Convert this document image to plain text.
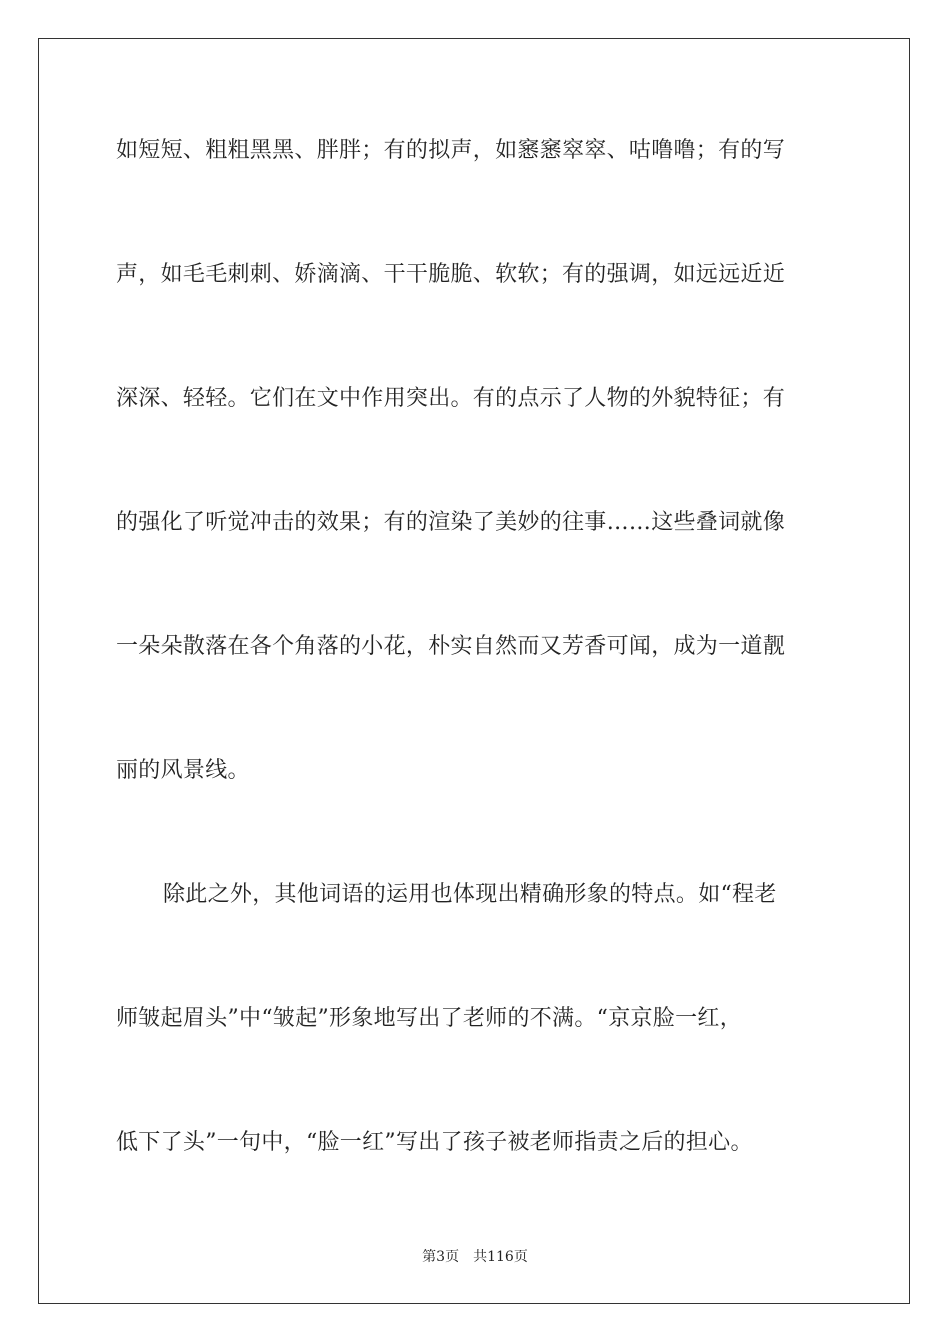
如短短、粗粗黑黑、胖胖；有的拟声，如窸窸窣窣、咕噜噜；有的写
声，如毛毛刺刺、娇滴滴、干干脆脆、软软；有的强调，如远远近近
深深、轻轻。它们在文中作用突出。有的点示了人物的外貌特征；有
的强化了听觉冲击的效果；有的渲染了美妙的往事……这些叠词就像
一朵朵散落在各个角落的小花，朴实自然而又芳香可闻，成为一道靓
丽的风景线。
除此之外，其他词语的运用也体现出精确形象的特点。如“程老
师皱起眉头”中“皱起”形象地写出了老师的不满。“京京脸一红，
低下了头”一句中，“脸一红”写出了孩子被老师指责之后的担心。
第3页 共116页
